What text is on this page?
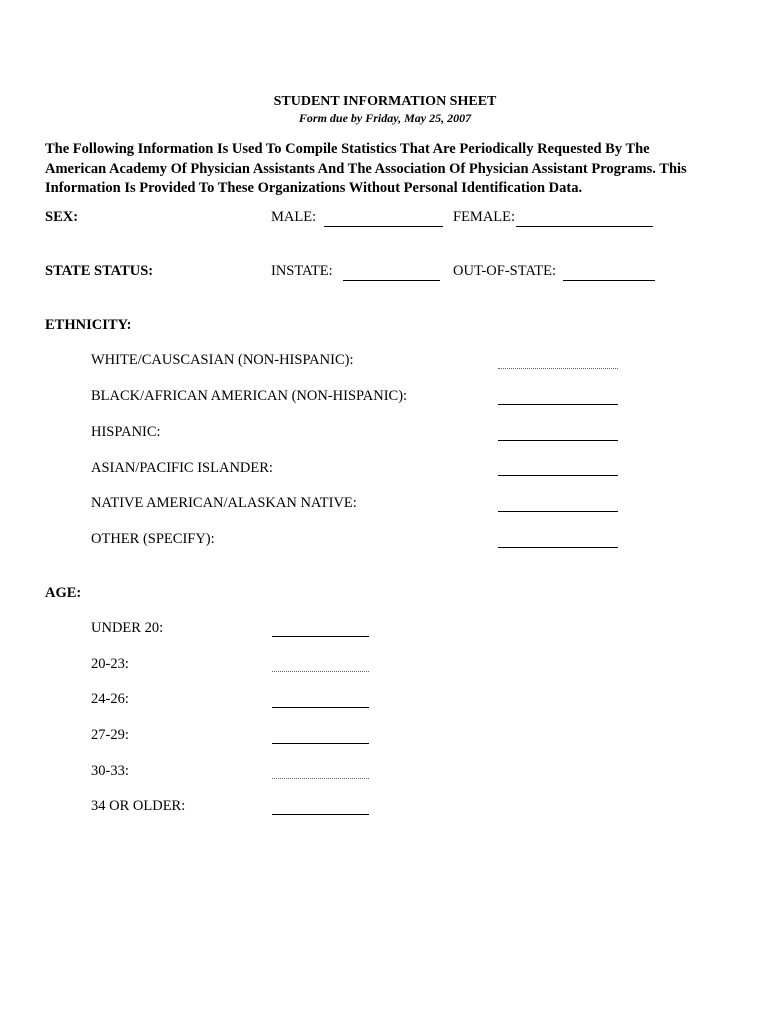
STUDENT INFORMATION SHEET
Form due by Friday, May 25, 2007
The Following Information Is Used To Compile Statistics That Are Periodically Requested By The
American Academy Of Physician Assistants And The Association Of Physician Assistant Programs. This
Information Is Provided To These Organizations Without Personal Identification Data.
SEX:	MALE:	FEMALE:
STATE STATUS:	INSTATE:	OUT-OF-STATE:
ETHNICITY:
WHITE/CAUSCASIAN (NON-HISPANIC):
BLACK/AFRICAN AMERICAN (NON-HISPANIC):
HISPANIC:
ASIAN/PACIFIC ISLANDER:
NATIVE AMERICAN/ALASKAN NATIVE:
OTHER (SPECIFY):
AGE:
UNDER 20:
20-23:
24-26:
27-29:
30-33:
34 OR OLDER:
